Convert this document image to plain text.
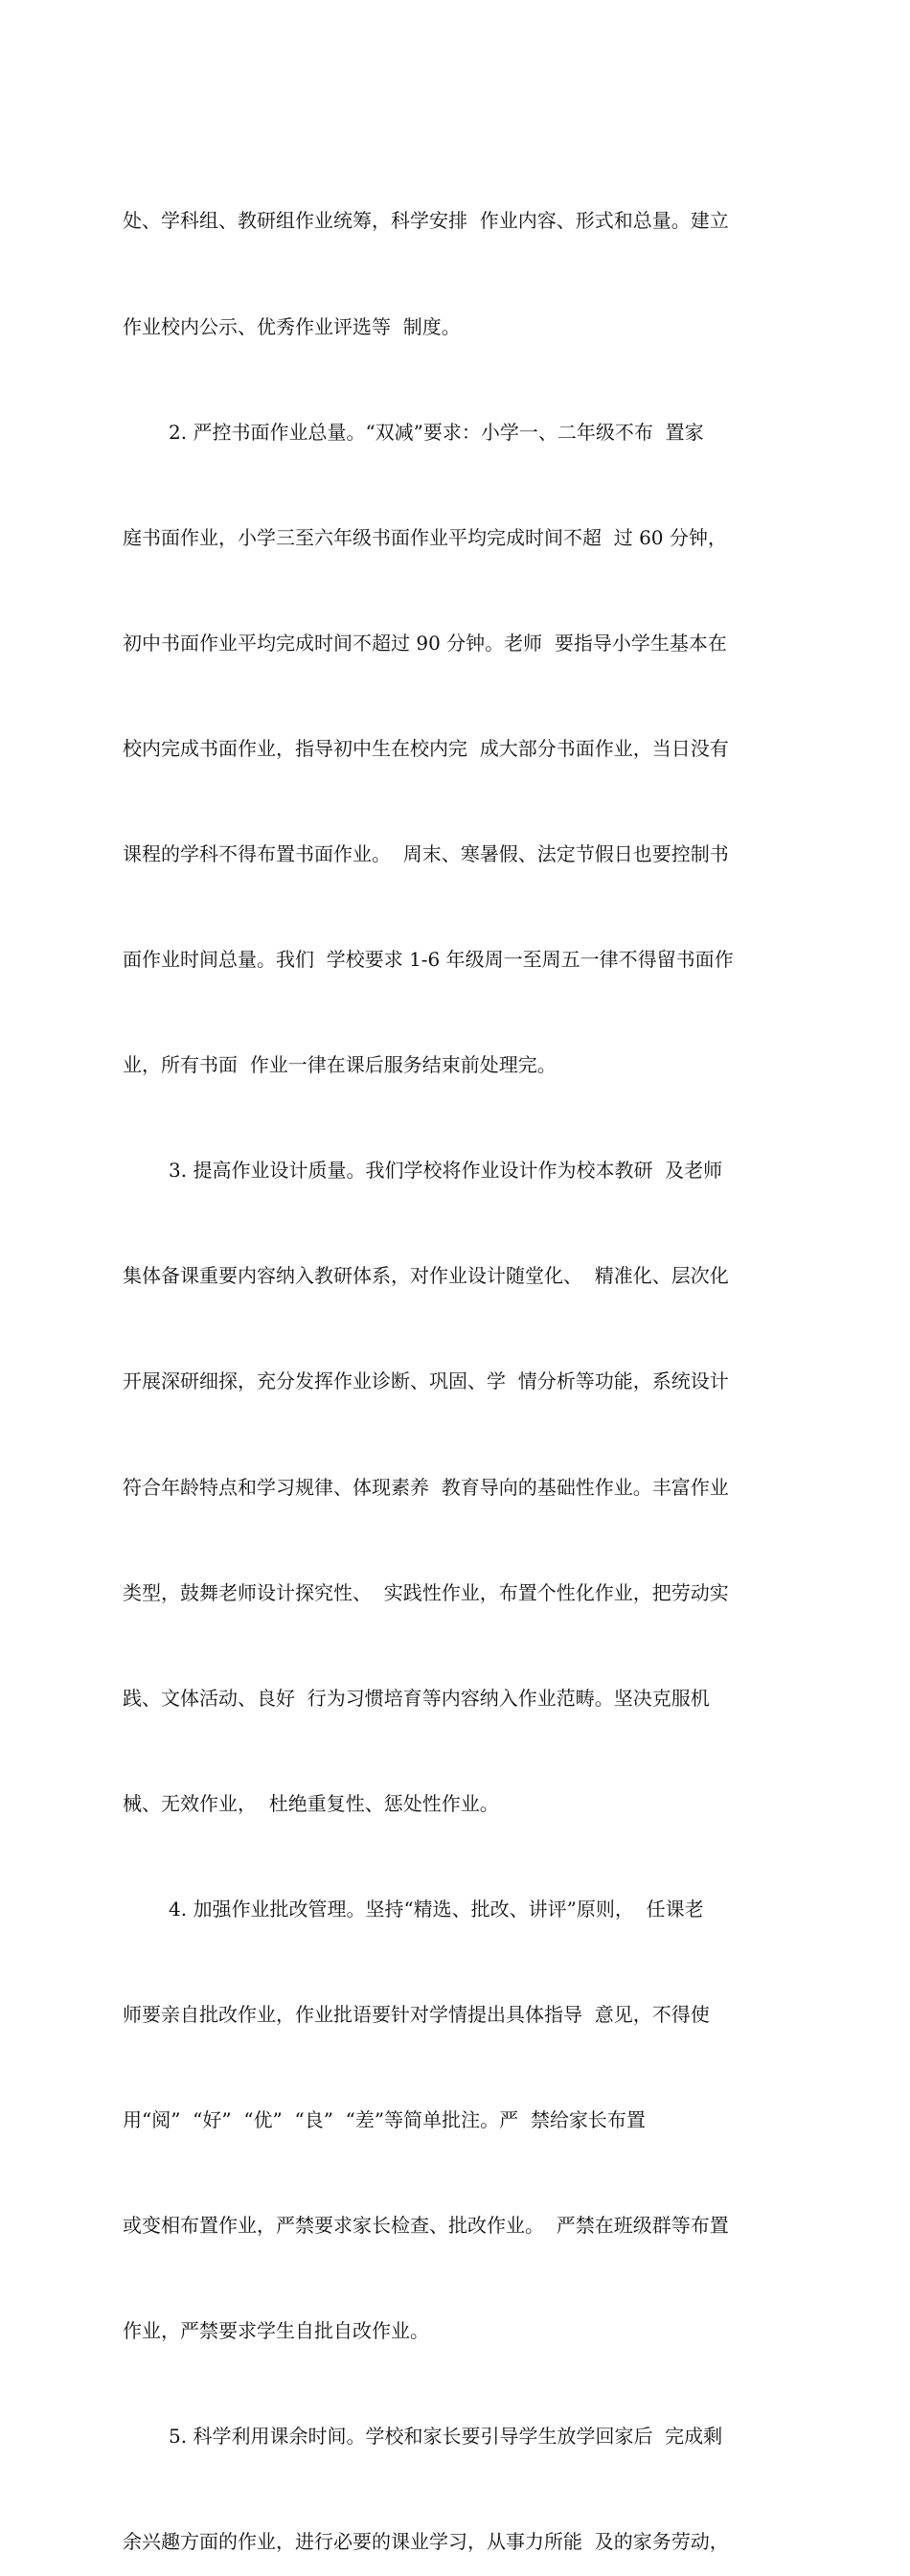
处、学科组、教研组作业统筹，科学安排  作业内容、形式和总量。建立

作业校内公示、优秀作业评选等  制度。

2. 严控书面作业总量。“双减”要求：小学一、二年级不布  置家

庭书面作业，小学三至六年级书面作业平均完成时间不超  过 60 分钟，

初中书面作业平均完成时间不超过 90 分钟。老师  要指导小学生基本在

校内完成书面作业，指导初中生在校内完  成大部分书面作业，当日没有

课程的学科不得布置书面作业。  周末、寒暑假、法定节假日也要控制书

面作业时间总量。我们  学校要求 1-6 年级周一至周五一律不得留书面作

业，所有书面  作业一律在课后服务结束前处理完。

3. 提高作业设计质量。我们学校将作业设计作为校本教研  及老师

集体备课重要内容纳入教研体系，对作业设计随堂化、  精准化、层次化

开展深研细探，充分发挥作业诊断、巩固、学  情分析等功能，系统设计

符合年龄特点和学习规律、体现素养  教育导向的基础性作业。丰富作业

类型，鼓舞老师设计探究性、  实践性作业，布置个性化作业，把劳动实

践、文体活动、良好  行为习惯培育等内容纳入作业范畴。坚决克服机

械、无效作业，  杜绝重复性、惩处性作业。

4. 加强作业批改管理。坚持“精选、批改、讲评”原则，  任课老

师要亲自批改作业，作业批语要针对学情提出具体指导  意见，不得使

用“阅”  “好”  “优”  “良”  “差”等简单批注。严  禁给家长布置

或变相布置作业，严禁要求家长检查、批改作业。  严禁在班级群等布置

作业，严禁要求学生自批自改作业。

5. 科学利用课余时间。学校和家长要引导学生放学回家后  完成剩

余兴趣方面的作业，进行必要的课业学习，从事力所能  及的家务劳动，
